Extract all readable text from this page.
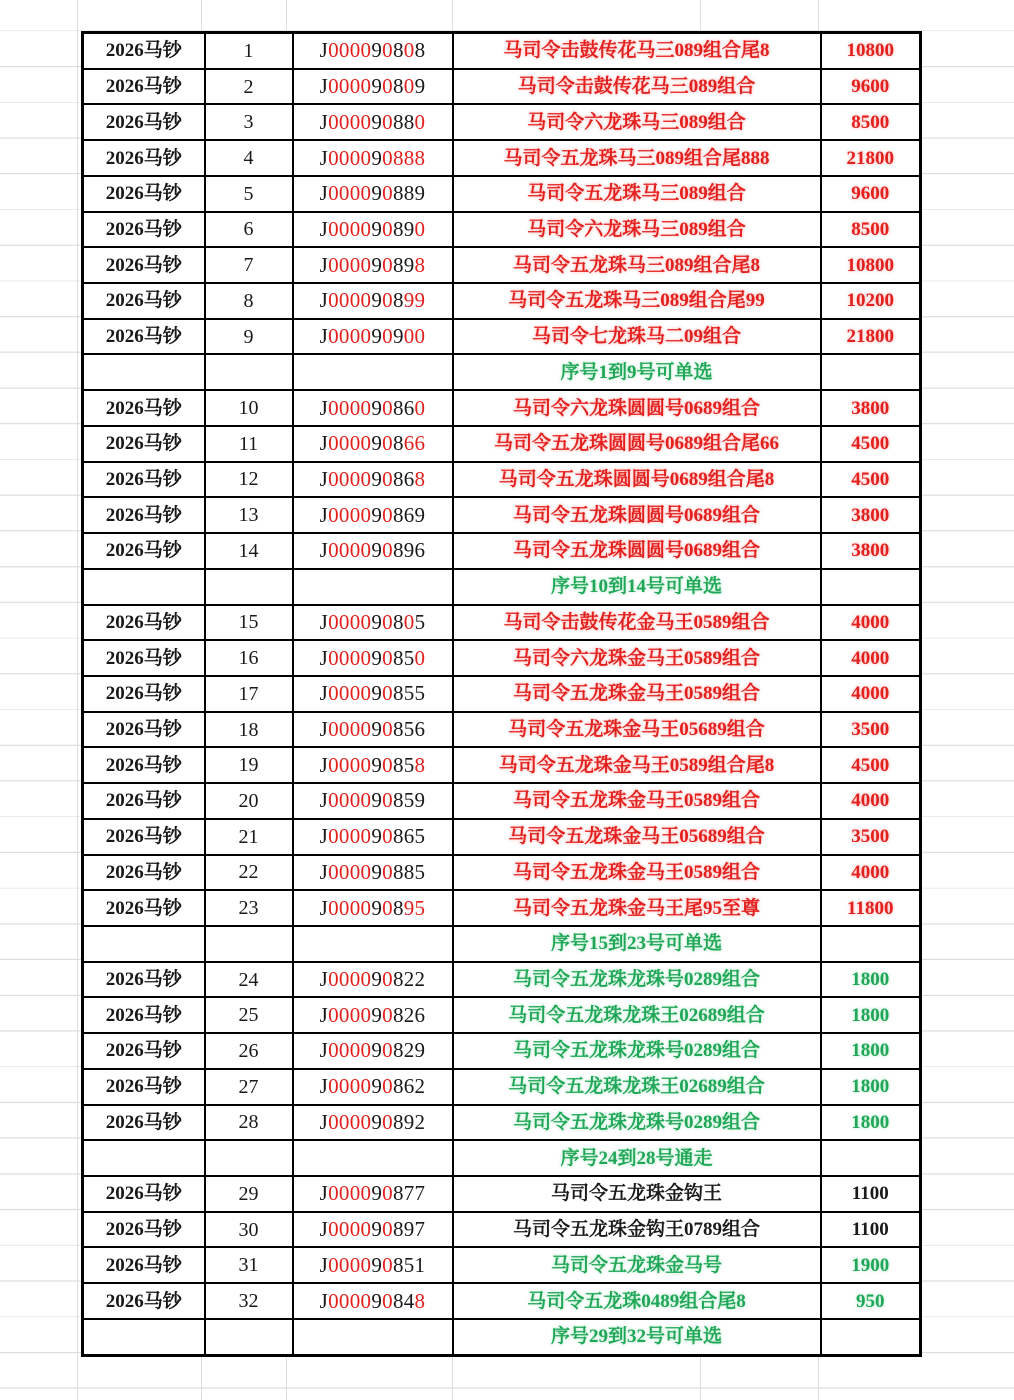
2026马钞	1	J000090808	马司令击鼓传花马三089组合尾8	10800
2026马钞	2	J000090809	马司令击鼓传花马三089组合	9600
2026马钞	3	J000090880	马司令六龙珠马三089组合	8500
2026马钞	4	J000090888	马司令五龙珠马三089组合尾888	21800
2026马钞	5	J000090889	马司令五龙珠马三089组合	9600
2026马钞	6	J000090890	马司令六龙珠马三089组合	8500
2026马钞	7	J000090898	马司令五龙珠马三089组合尾8	10800
2026马钞	8	J000090899	马司令五龙珠马三089组合尾99	10200
2026马钞	9	J000090900	马司令七龙珠马二09组合	21800
			序号1到9号可单选	
2026马钞	10	J000090860	马司令六龙珠圆圆号0689组合	3800
2026马钞	11	J000090866	马司令五龙珠圆圆号0689组合尾66	4500
2026马钞	12	J000090868	马司令五龙珠圆圆号0689组合尾8	4500
2026马钞	13	J000090869	马司令五龙珠圆圆号0689组合	3800
2026马钞	14	J000090896	马司令五龙珠圆圆号0689组合	3800
			序号10到14号可单选	
2026马钞	15	J000090805	马司令击鼓传花金马王0589组合	4000
2026马钞	16	J000090850	马司令六龙珠金马王0589组合	4000
2026马钞	17	J000090855	马司令五龙珠金马王0589组合	4000
2026马钞	18	J000090856	马司令五龙珠金马王05689组合	3500
2026马钞	19	J000090858	马司令五龙珠金马王0589组合尾8	4500
2026马钞	20	J000090859	马司令五龙珠金马王0589组合	4000
2026马钞	21	J000090865	马司令五龙珠金马王05689组合	3500
2026马钞	22	J000090885	马司令五龙珠金马王0589组合	4000
2026马钞	23	J000090895	马司令五龙珠金马王尾95至尊	11800
			序号15到23号可单选	
2026马钞	24	J000090822	马司令五龙珠龙珠号0289组合	1800
2026马钞	25	J000090826	马司令五龙珠龙珠王02689组合	1800
2026马钞	26	J000090829	马司令五龙珠龙珠号0289组合	1800
2026马钞	27	J000090862	马司令五龙珠龙珠王02689组合	1800
2026马钞	28	J000090892	马司令五龙珠龙珠号0289组合	1800
			序号24到28号通走	
2026马钞	29	J000090877	马司令五龙珠金钩王	1100
2026马钞	30	J000090897	马司令五龙珠金钩王0789组合	1100
2026马钞	31	J000090851	马司令五龙珠金马号	1900
2026马钞	32	J000090848	马司令五龙珠0489组合尾8	950
			序号29到32号可单选	
